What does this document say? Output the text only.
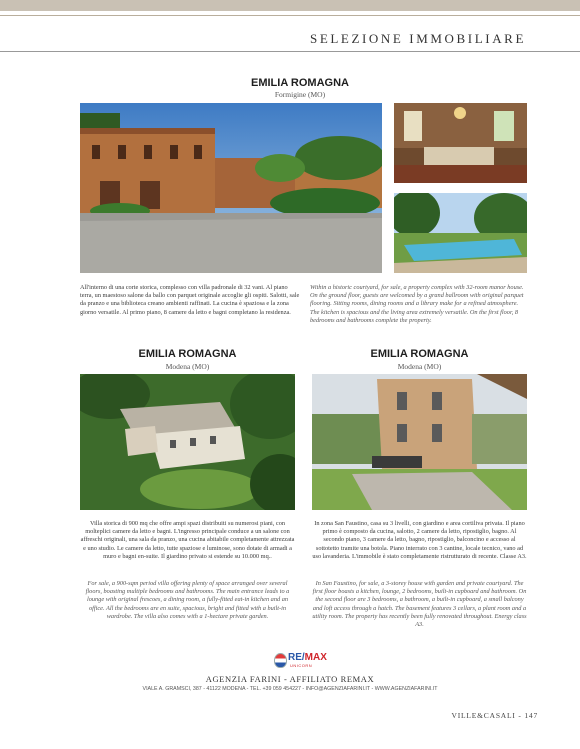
SELEZIONE IMMOBILIARE
EMILIA ROMAGNA
Formigine (MO)
All'interno di una corte storica, complesso con villa padronale di 32 vani. Al piano terra, un maestoso salone da ballo con parquet originale accoglie gli ospiti. Salotti, sale da pranzo e una biblioteca creano ambienti raffinati. La cucina è spaziosa e la zona giorno versatile. Al primo piano, 8 camere da letto e bagni completano la residenza.
Within a historic courtyard, for sale, a property complex with 32-room manor house. On the ground floor, guests are welcomed by a grand ballroom with original parquet flooring. Sitting rooms, dining rooms and a library make for a refined atmosphere. The kitchen is spacious and the living area extremely versatile. On the first floor, 8 bedrooms and bathrooms complete the property.
EMILIA ROMAGNA
Modena (MO)
Villa storica di 900 mq che offre ampi spazi distribuiti su numerosi piani, con molteplici camere da letto e bagni. L'ingresso principale conduce a un salone con affreschi originali, una sala da pranzo, una cucina abitabile completamente attrezzata e uno studio. Le camere da letto, tutte spaziose e luminose, sono dotate di armadi a muro e bagni en-suite. Il giardino privato si estende su 10.000 mq..
For sale, a 900-sqm period villa offering plenty of space arranged over several floors, boasting multiple bedrooms and bathrooms. The main entrance leads to a lounge with original frescoes, a dining room, a fully-fitted eat-in kitchen and an office. All the bedrooms are en suite, spacious, bright and fitted with a built-in wardrobe. The villa also comes with a 1-hectare private garden.
EMILIA ROMAGNA
Modena (MO)
In zona San Faustino, casa su 3 livelli, con giardino e area cortiliva privata. Il piano primo è composto da cucina, salotto, 2 camere da letto, ripostiglio, bagno. Al secondo piano, 3 camere da letto, bagno, ripostiglio, balconcino e accesso al sottotetto tramite una botola. Piano interrato con 3 cantine, locale tecnico, vano ad uso lavanderia. L'immobile è stato completamente ristrutturato di recente. Classe A3.
In San Faustino, for sale, a 3-storey house with garden and private courtyard. The first floor boasts a kitchen, lounge, 2 bedrooms, built-in cupboard and bathroom. On the second floor are 3 bedrooms, a bathroom, a built-in cupboard, a small balcony and loft access through a hatch. The basement features 3 cellars, a plant room and a utility room. The property has recently been fully renovated throughout. Energy class A3.
RE/MAX
UNICORN
AGENZIA FARINI - AFFILIATO REMAX
VIALE A. GRAMSCI, 387 - 41122 MODENA - TEL. +39 059 454227 - INFO@AGENZIAFARINI.IT - WWW.AGENZIAFARINI.IT
VILLE&CASALI - 147
